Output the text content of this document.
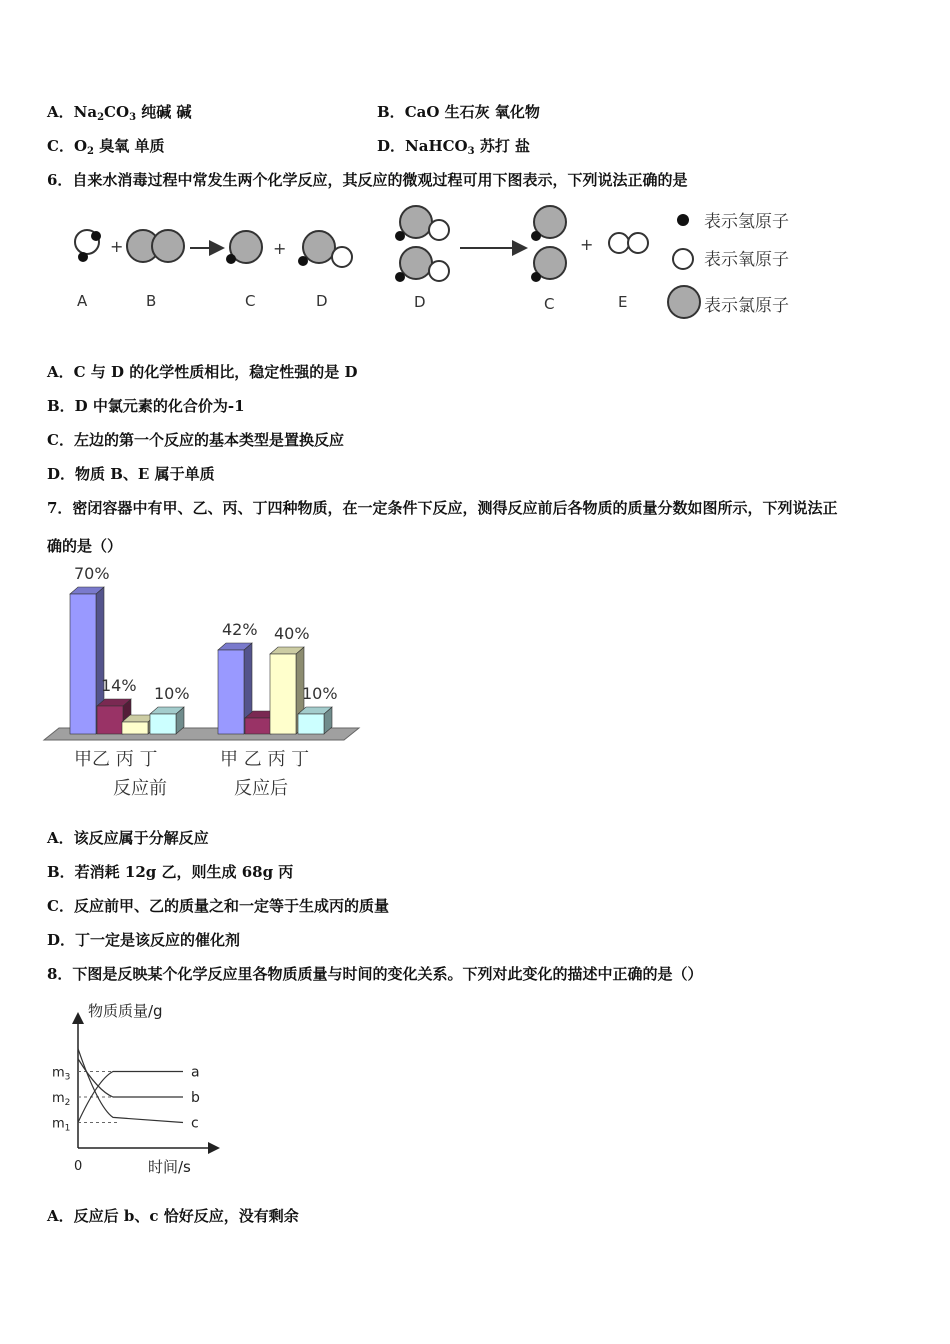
A．$Na_2CO_3$ 纯碱 碱	B．CaO 生石灰 氧化物
C．$O_2$ 臭氧 单质	D．NaHCO$_3$ 苏打 盐
6．自来水消毒过程中常发生两个化学反应，其反应的微观过程可用下图表示，下列说法正确的是
+	+
A	B	C	D
+
D	C	E
表示氢原子
表示氧原子
表示氯原子
A．C 与 D 的化学性质相比，稳定性强的是 D
B．D 中氯元素的化合价为-1
C．左边的第一个反应的基本类型是置换反应
D．物质 B、E 属于单质
7．密闭容器中有甲、乙、丙、丁四种物质，在一定条件下反应，测得反应前后各物质的质量分数如图所示，下列说法正
确的是（）
70%
14% 10%
42% 40%
10%
甲乙 丙 丁	甲 乙 丙 丁
反应前	反应后
A．该反应属于分解反应
B．若消耗 12g 乙，则生成 68g 丙
C．反应前甲、乙的质量之和一定等于生成丙的质量
D．丁一定是该反应的催化剂
8．下图是反映某个化学反应里各物质质量与时间的变化关系。下列对此变化的描述中正确的是（）
物质质量/g
时间/s
0
$m_3$
$m_2$
$m_1$
a
b
c
A．反应后 b、c 恰好反应，没有剩余
